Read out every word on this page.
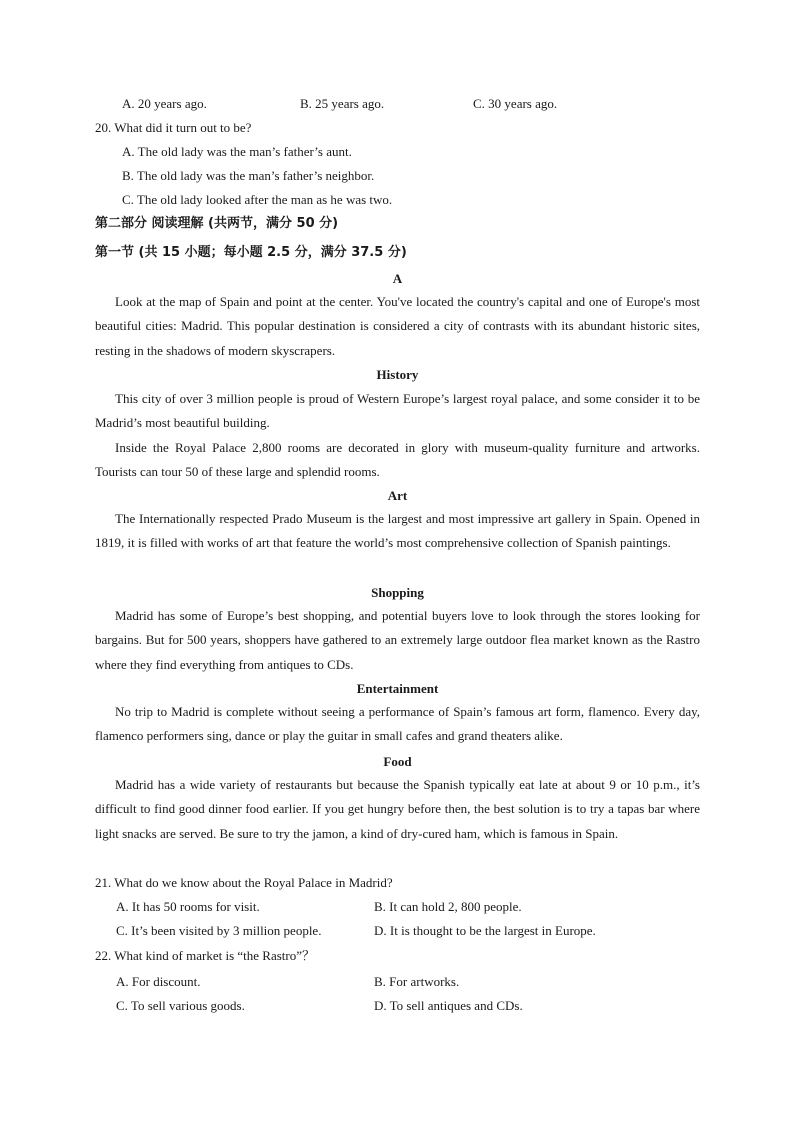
A. 20 years ago.	B. 25 years ago.	C. 30 years ago.
20. What did it turn out to be?
A. The old lady was the man’s father’s aunt.
B. The old lady was the man’s father’s neighbor.
C. The old lady looked after the man as he was two.
第二部分 阅读理解 (共两节，满分 50 分)
第一节 (共 15 小题；每小题 2.5 分，满分 37.5 分)
A

Look at the map of Spain and point at the center. You've located the country's capital and one of Europe's most beautiful cities: Madrid. This popular destination is considered a city of contrasts with its abundant historic sites, resting in the shadows of modern skyscrapers.

History

This city of over 3 million people is proud of Western Europe’s largest royal palace, and some consider it to be Madrid’s most beautiful building.

Inside the Royal Palace 2,800 rooms are decorated in glory with museum-quality furniture and artworks. Tourists can tour 50 of these large and splendid rooms.

Art

The Internationally respected Prado Museum is the largest and most impressive art gallery in Spain. Opened in 1819, it is filled with works of art that feature the world’s most comprehensive collection of Spanish paintings.

Shopping

Madrid has some of Europe’s best shopping, and potential buyers love to look through the stores looking for bargains. But for 500 years, shoppers have gathered to an extremely large outdoor flea market known as the Rastro where they find everything from antiques to CDs.

Entertainment

No trip to Madrid is complete without seeing a performance of Spain’s famous art form, flamenco. Every day, flamenco performers sing, dance or play the guitar in small cafes and grand theaters alike.

Food

Madrid has a wide variety of restaurants but because the Spanish typically eat late at about 9 or 10 p.m., it’s difficult to find good dinner food earlier. If you get hungry before then, the best solution is to try a tapas bar where light snacks are served. Be sure to try the jamon, a kind of dry-cured ham, which is famous in Spain.

21. What do we know about the Royal Palace in Madrid?
A. It has 50 rooms for visit.	B. It can hold 2, 800 people.
C. It’s been visited by 3 million people.	D. It is thought to be the largest in Europe.
22. What kind of market is “the Rastro”？
A. For discount.	B. For artworks.
C. To sell various goods.	D. To sell antiques and CDs.
